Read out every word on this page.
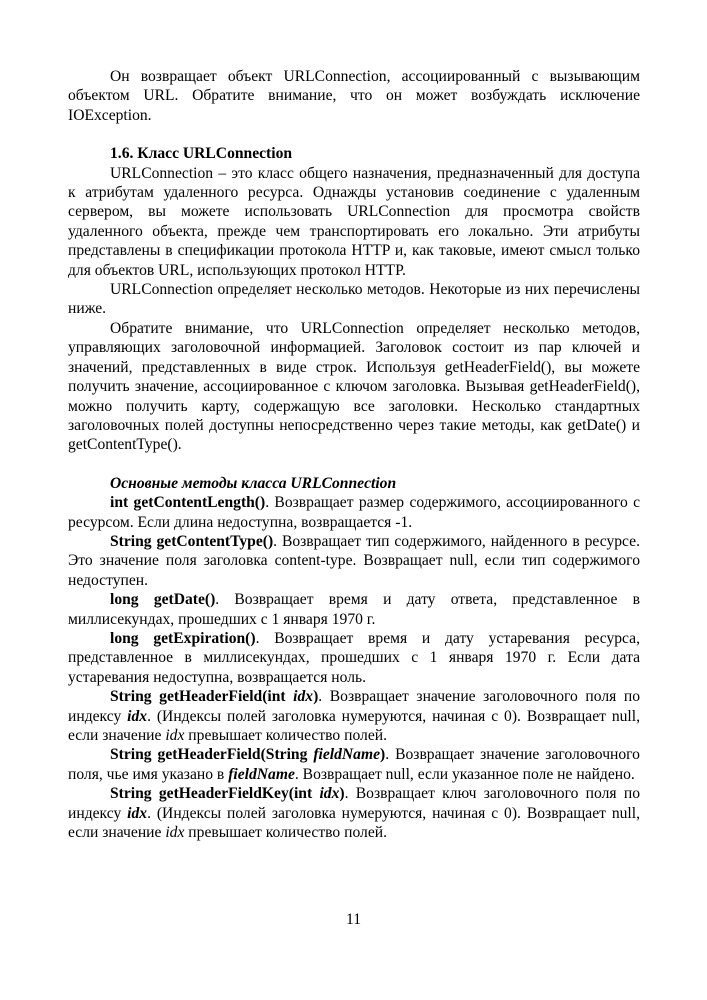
Он возвращает объект URLConnection, ассоциированный с вызывающим объектом URL. Обратите внимание, что он может возбуждать исключение IOException.

1.6. Класс URLConnection

URLConnection – это класс общего назначения, предназначенный для доступа к атрибутам удаленного ресурса. Однажды установив соединение с удаленным сервером, вы можете использовать URLConnection для просмотра свойств удаленного объекта, прежде чем транспортировать его локально. Эти атрибуты представлены в спецификации протокола HTTP и, как таковые, имеют смысл только для объектов URL, использующих протокол HTTP.

URLConnection определяет несколько методов. Некоторые из них перечислены ниже.

Обратите внимание, что URLConnection определяет несколько методов, управляющих заголовочной информацией. Заголовок состоит из пар ключей и значений, представленных в виде строк. Используя getHeaderField(), вы можете получить значение, ассоциированное с ключом заголовка. Вызывая getHeaderField(), можно получить карту, содержащую все заголовки. Несколько стандартных заголовочных полей доступны непосредственно через такие методы, как getDate() и getContentType().

Основные методы класса URLConnection

int getContentLength(). Возвращает размер содержимого, ассоциированного с ресурсом. Если длина недоступна, возвращается -1.

String getContentType(). Возвращает тип содержимого, найденного в ресурсе. Это значение поля заголовка content-type. Возвращает null, если тип содержимого недоступен.

long getDate(). Возвращает время и дату ответа, представленное в миллисекундах, прошедших с 1 января 1970 г.

long getExpiration(). Возвращает время и дату устаревания ресурса, представленное в миллисекундах, прошедших с 1 января 1970 г. Если дата устаревания недоступна, возвращается ноль.

String getHeaderField(int idx). Возвращает значение заголовочного поля по индексу idx. (Индексы полей заголовка нумеруются, начиная с 0). Возвращает null, если значение idx превышает количество полей.

String getHeaderField(String fieldName). Возвращает значение заголовочного поля, чье имя указано в fieldName. Возвращает null, если указанное поле не найдено.

String getHeaderFieldKey(int idx). Возвращает ключ заголовочного поля по индексу idx. (Индексы полей заголовка нумеруются, начиная с 0). Возвращает null, если значение idx превышает количество полей.

11
